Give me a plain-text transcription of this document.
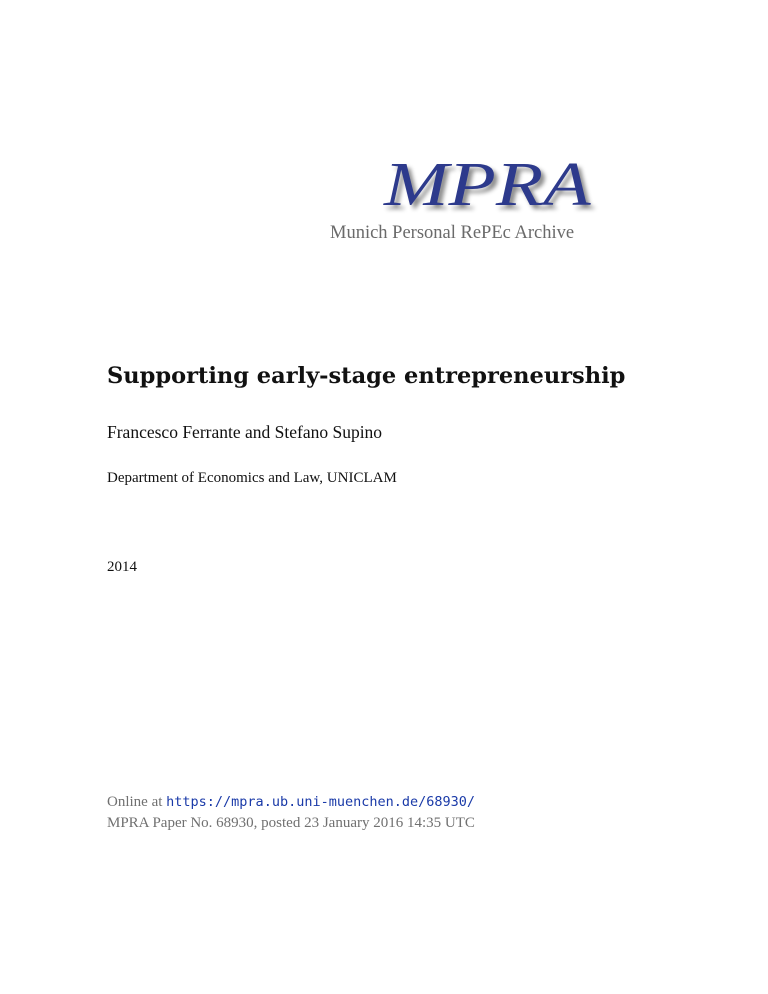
MPRA
Munich Personal RePEc Archive
Supporting early-stage entrepreneurship
Francesco Ferrante and Stefano Supino
Department of Economics and Law, UNICLAM
2014
Online at https://mpra.ub.uni-muenchen.de/68930/
MPRA Paper No. 68930, posted 23 January 2016 14:35 UTC
